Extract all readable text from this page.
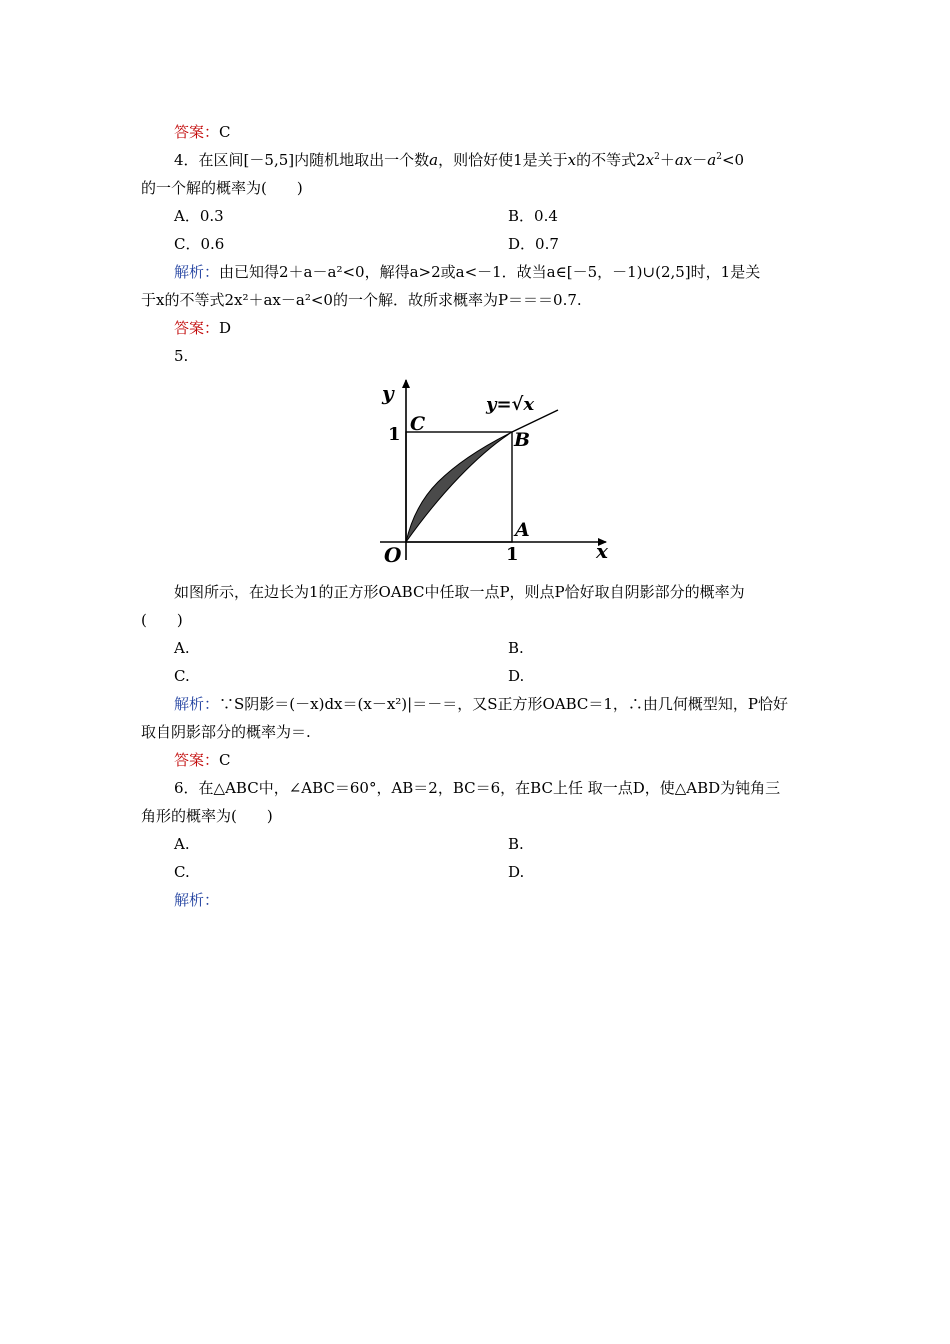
答案：C
4．在区间[－5,5]内随机地取出一个数a，则恰好使1是关于x的不等式$2x^2+ax-a^2<0$
的一个解的概率为(　　)
A．0.3	B．0.4
C．0.6	D．0.7
解析：由已知得2＋a－a²<0，解得a>2或a<－1．故当a∈[－5，－1)∪(2,5]时，1是关
于x的不等式2x²＋ax－a²<0的一个解．故所求概率为P＝＝＝0.7.
答案：D
5.
y
x
y=√x
C
B
A
O
1
1
如图所示，在边长为1的正方形OABC中任取一点P，则点P恰好取自阴影部分的概率为
(　　)
A.	B.
C.	D.
解析：∵S阴影＝(－x)dx＝(x－x²)|＝－＝，又S正方形OABC＝1，∴由几何概型知，P恰好
取自阴影部分的概率为＝.
答案：C
6．在△ABC中，∠ABC＝60°，AB＝2，BC＝6，在BC上任 取一点D，使△ABD为钝角三
角形的概率为(　　)
A.	B.
C.	D.
解析：
